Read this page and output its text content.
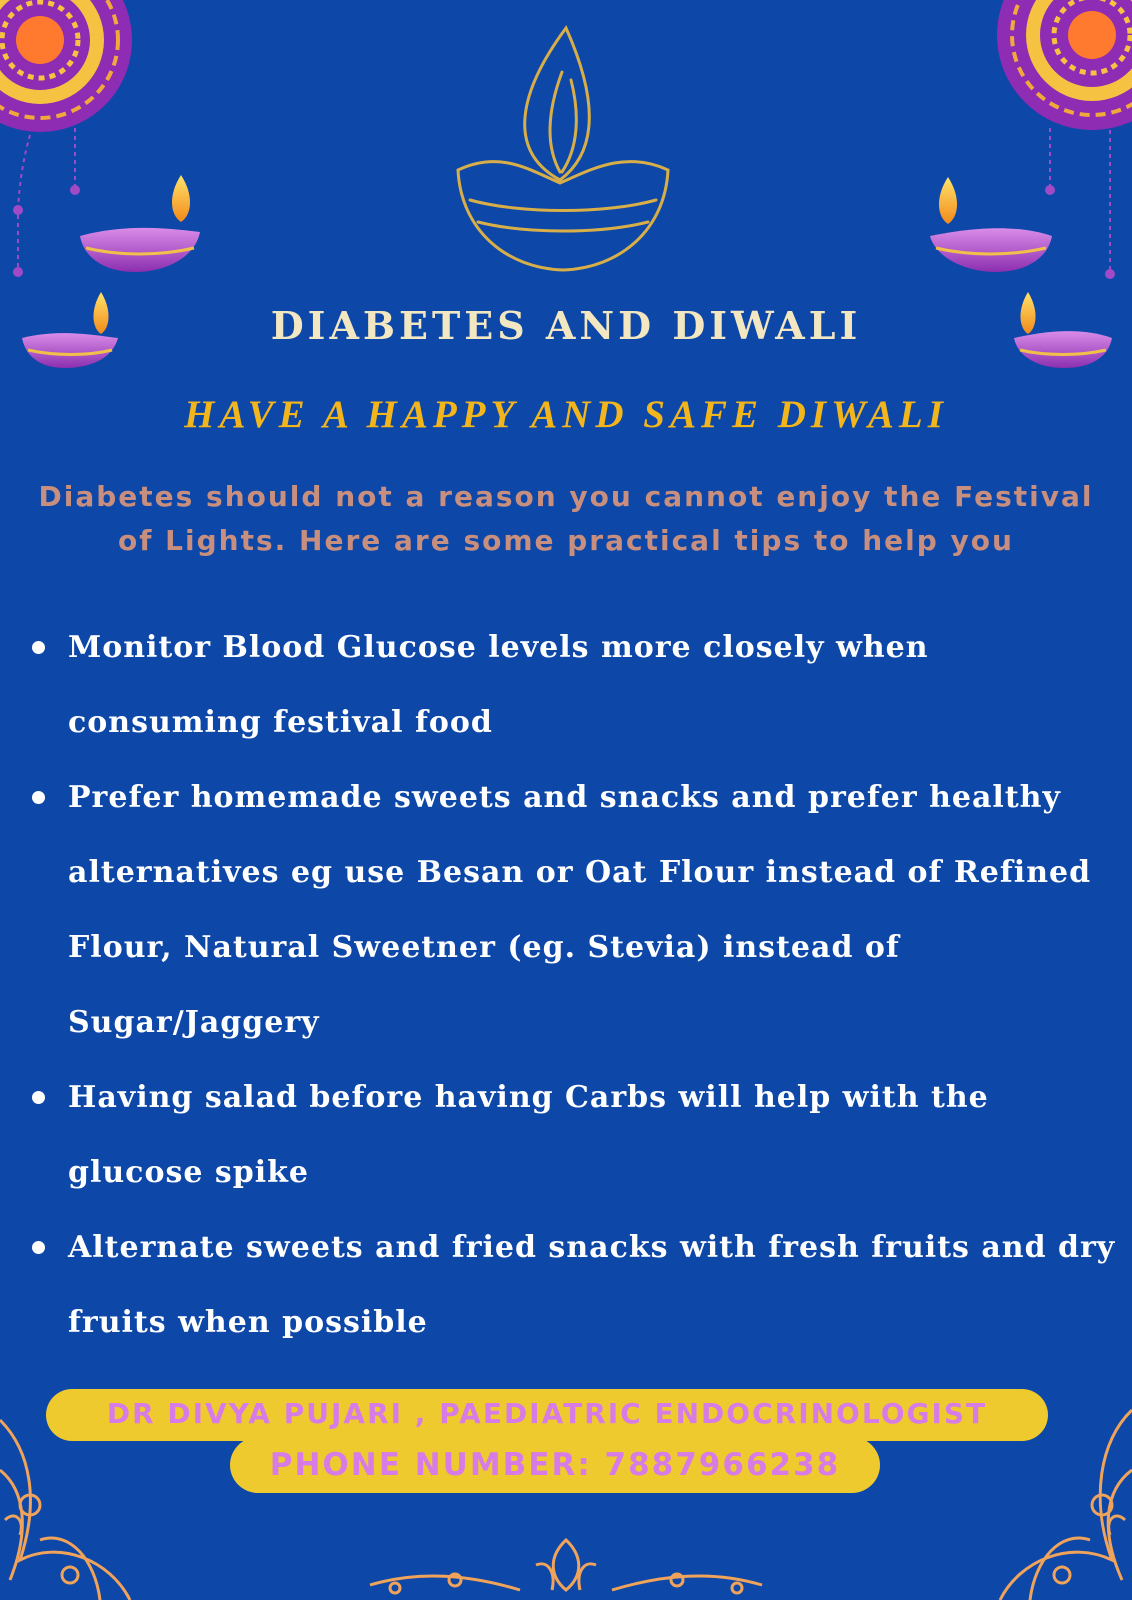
DIABETES AND DIWALI
HAVE A HAPPY AND SAFE DIWALI

Diabetes should not a reason you cannot enjoy the Festival of Lights. Here are some practical tips to help you

Monitor Blood Glucose levels more closely when consuming festival food
Prefer homemade sweets and snacks and prefer healthy alternatives eg use Besan or Oat Flour instead of Refined Flour, Natural Sweetner (eg. Stevia) instead of Sugar/Jaggery
Having salad before having Carbs will help with the glucose spike
Alternate sweets and fried snacks with fresh fruits and dry fruits when possible

DR DIVYA PUJARI , PAEDIATRIC ENDOCRINOLOGIST

PHONE NUMBER: 7887966238
